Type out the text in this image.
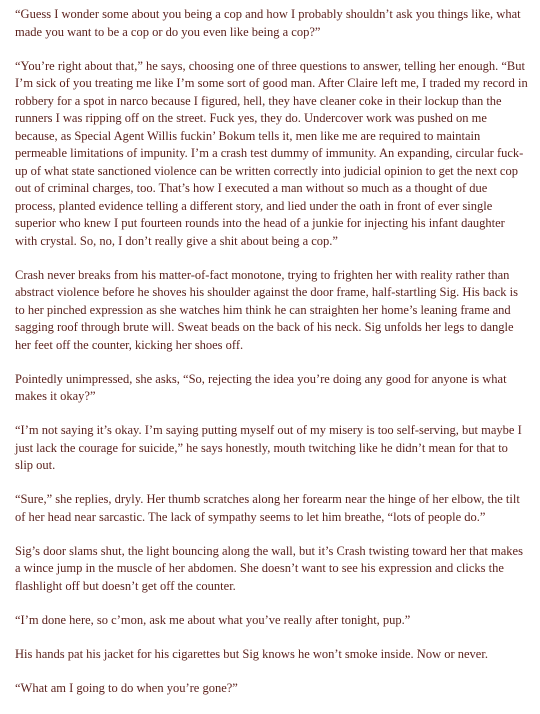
“Guess I wonder some about you being a cop and how I probably shouldn’t ask you things like, what made you want to be a cop or do you even like being a cop?”

“You’re right about that,” he says, choosing one of three questions to answer, telling her enough. “But I’m sick of you treating me like I’m some sort of good man. After Claire left me, I traded my record in robbery for a spot in narco because I figured, hell, they have cleaner coke in their lockup than the runners I was ripping off on the street. Fuck yes, they do. Undercover work was pushed on me because, as Special Agent Willis fuckin’ Bokum tells it, men like me are required to maintain permeable limitations of impunity. I’m a crash test dummy of immunity. An expanding, circular fuck-up of what state sanctioned violence can be written correctly into judicial opinion to get the next cop out of criminal charges, too. That’s how I executed a man without so much as a thought of due process, planted evidence telling a different story, and lied under the oath in front of ever single superior who knew I put fourteen rounds into the head of a junkie for injecting his infant daughter with crystal. So, no, I don’t really give a shit about being a cop.”

Crash never breaks from his matter-of-fact monotone, trying to frighten her with reality rather than abstract violence before he shoves his shoulder against the door frame, half-startling Sig. His back is to her pinched expression as she watches him think he can straighten her home’s leaning frame and sagging roof through brute will. Sweat beads on the back of his neck. Sig unfolds her legs to dangle her feet off the counter, kicking her shoes off.

Pointedly unimpressed, she asks, “So, rejecting the idea you’re doing any good for anyone is what makes it okay?”

“I’m not saying it’s okay. I’m saying putting myself out of my misery is too self-serving, but maybe I just lack the courage for suicide,” he says honestly, mouth twitching like he didn’t mean for that to slip out.

“Sure,” she replies, dryly. Her thumb scratches along her forearm near the hinge of her elbow, the tilt of her head near sarcastic. The lack of sympathy seems to let him breathe, “lots of people do.”

Sig’s door slams shut, the light bouncing along the wall, but it’s Crash twisting toward her that makes a wince jump in the muscle of her abdomen. She doesn’t want to see his expression and clicks the flashlight off but doesn’t get off the counter.

“I’m done here, so c’mon, ask me about what you’ve really after tonight, pup.”

His hands pat his jacket for his cigarettes but Sig knows he won’t smoke inside. Now or never.

“What am I going to do when you’re gone?”
